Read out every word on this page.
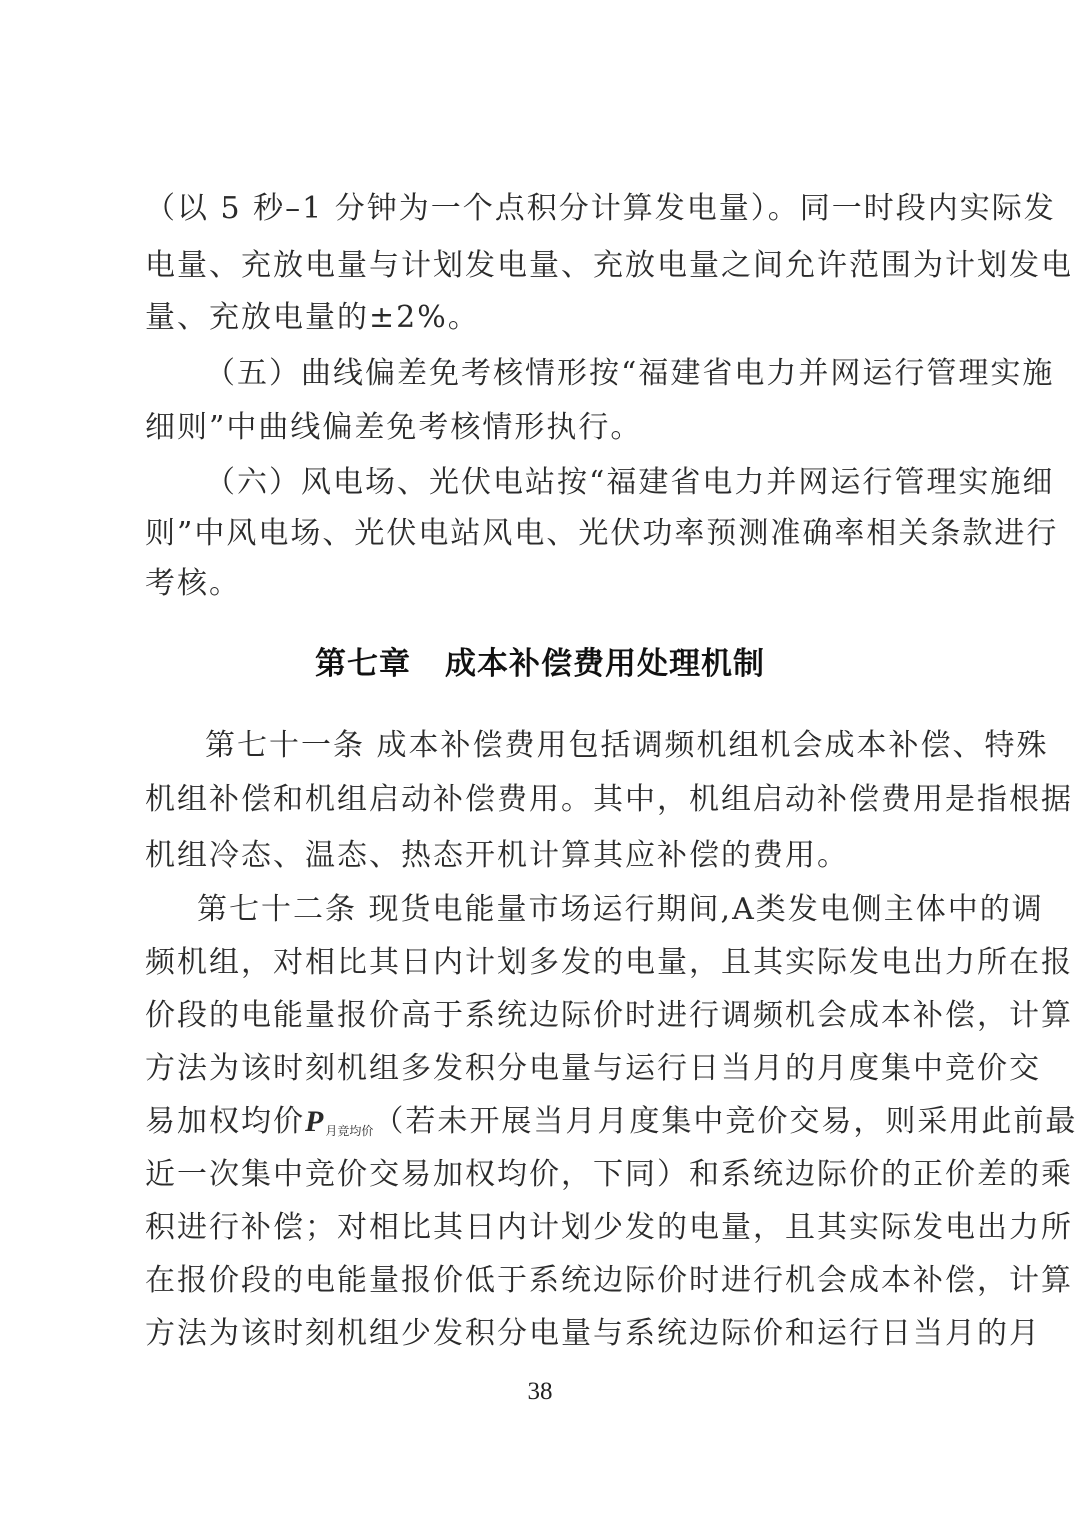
（以 5 秒–1 分钟为一个点积分计算发电量）。同一时段内实际发
电量、充放电量与计划发电量、充放电量之间允许范围为计划发电
量、充放电量的±2%。
（五）曲线偏差免考核情形按“福建省电力并网运行管理实施
细则”中曲线偏差免考核情形执行。
（六）风电场、光伏电站按“福建省电力并网运行管理实施细
则”中风电场、光伏电站风电、光伏功率预测准确率相关条款进行
考核。
第七章 成本补偿费用处理机制
第七十一条 成本补偿费用包括调频机组机会成本补偿、特殊
机组补偿和机组启动补偿费用。其中，机组启动补偿费用是指根据
机组冷态、温态、热态开机计算其应补偿的费用。
第七十二条 现货电能量市场运行期间,A类发电侧主体中的调
频机组，对相比其日内计划多发的电量，且其实际发电出力所在报
价段的电能量报价高于系统边际价时进行调频机会成本补偿，计算
方法为该时刻机组多发积分电量与运行日当月的月度集中竞价交
易加权均价$P_{月竞均价}$（若未开展当月月度集中竞价交易，则采用此前最
近一次集中竞价交易加权均价，下同）和系统边际价的正价差的乘
积进行补偿；对相比其日内计划少发的电量，且其实际发电出力所
在报价段的电能量报价低于系统边际价时进行机会成本补偿，计算
方法为该时刻机组少发积分电量与系统边际价和运行日当月的月
38
